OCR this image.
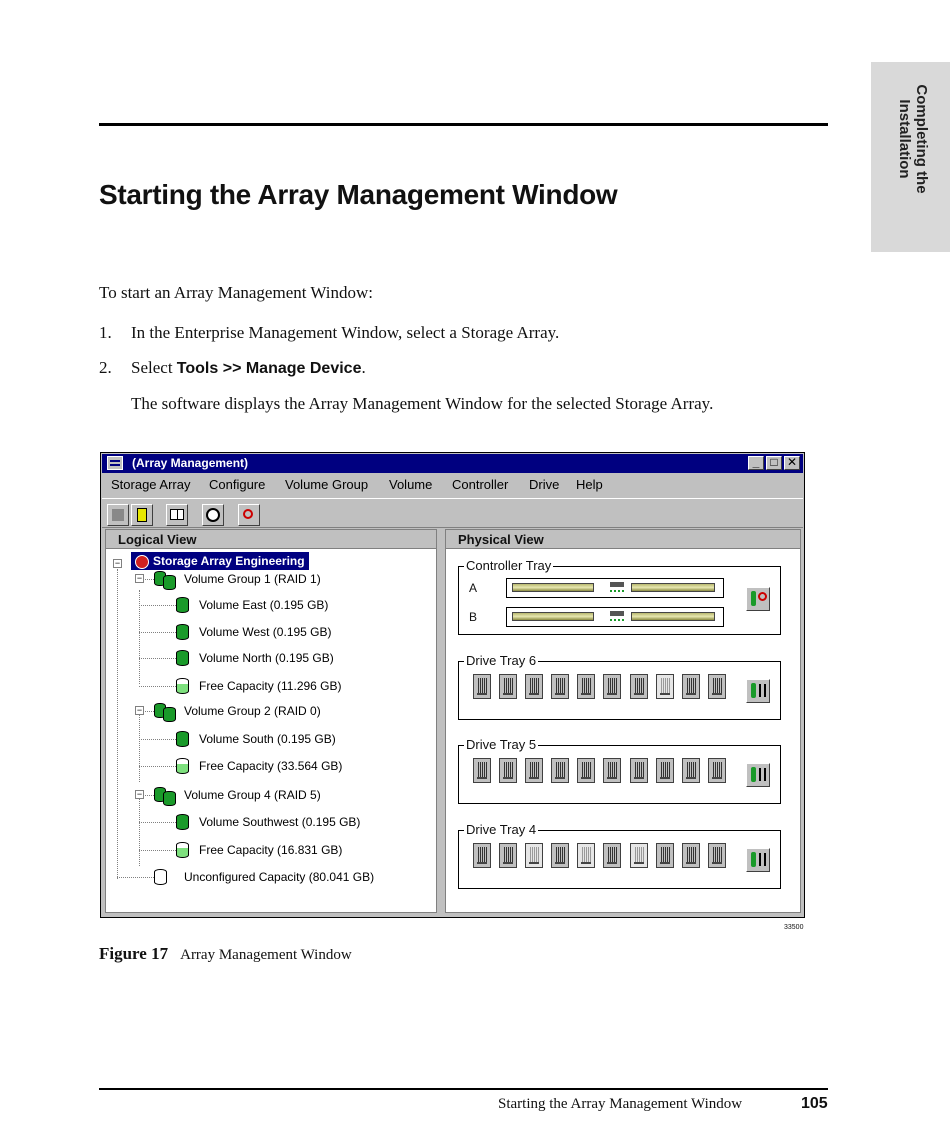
Completing the Installation
Starting the Array Management Window

To start an Array Management Window:

1. In the Enterprise Management Window, select a Storage Array.
2. Select Tools >> Manage Device.

The software displays the Array Management Window for the selected Storage Array.

(Array Management)	_ □ ✕
Storage Array Configure Volume Group Volume Controller Drive Help
Logical View
−	Storage Array Engineering
−	Volume Group 1 (RAID 1)
Volume East (0.195 GB)
Volume West (0.195 GB)
Volume North (0.195 GB)
Free Capacity (11.296 GB)
−	Volume Group 2 (RAID 0)
Volume South (0.195 GB)
Free Capacity (33.564 GB)
−	Volume Group 4 (RAID 5)
Volume Southwest (0.195 GB)
Free Capacity (16.831 GB)
Unconfigured Capacity (80.041 GB)
Physical View
Controller Tray
A
B
Drive Tray 6
Drive Tray 5
Drive Tray 4
33500
Figure 17 Array Management Window
Starting the Array Management Window	105
